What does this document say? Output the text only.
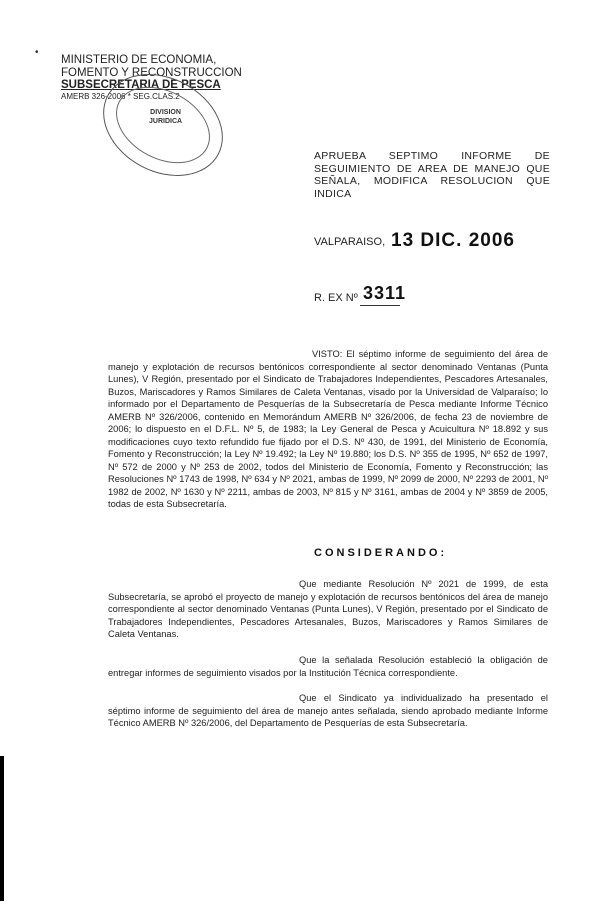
•
MINISTERIO DE ECONOMIA,
FOMENTO Y RECONSTRUCCION
SUBSECRETARIA DE PESCA
AMERB 326-2006 * SEG.CLAS.2
DIVISION
JURIDICA
APRUEBA SEPTIMO INFORME DE SEGUIMIENTO DE AREA DE MANEJO QUE SEÑALA, MODIFICA RESOLUCION QUE INDICA
VALPARAISO, 13 DIC. 2006
R. EX Nº 3311
VISTO: El séptimo informe de seguimiento del área de manejo y explotación de recursos bentónicos correspondiente al sector denominado Ventanas (Punta Lunes), V Región, presentado por el Sindicato de Trabajadores Independientes, Pescadores Artesanales, Buzos, Mariscadores y Ramos Similares de Caleta Ventanas, visado por la Universidad de Valparaíso; lo informado por el Departamento de Pesquerías de la Subsecretaría de Pesca mediante Informe Técnico AMERB Nº 326/2006, contenido en Memorándum AMERB Nº 326/2006, de fecha 23 de noviembre de 2006; lo dispuesto en el D.F.L. Nº 5, de 1983; la Ley General de Pesca y Acuicultura Nº 18.892 y sus modificaciones cuyo texto refundido fue fijado por el D.S. Nº 430, de 1991, del Ministerio de Economía, Fomento y Reconstrucción; la Ley Nº 19.492; la Ley Nº 19.880; los D.S. Nº 355 de 1995, Nº 652 de 1997, Nº 572 de 2000 y Nº 253 de 2002, todos del Ministerio de Economía, Fomento y Reconstrucción; las Resoluciones Nº 1743 de 1998, Nº 634 y Nº 2021, ambas de 1999, Nº 2099 de 2000, Nº 2293 de 2001, Nº 1982 de 2002, Nº 1630 y Nº 2211, ambas de 2003, Nº 815 y Nº 3161, ambas de 2004 y Nº 3859 de 2005, todas de esta Subsecretaría.
CONSIDERANDO:
Que mediante Resolución Nº 2021 de 1999, de esta Subsecretaría, se aprobó el proyecto de manejo y explotación de recursos bentónicos del área de manejo correspondiente al sector denominado Ventanas (Punta Lunes), V Región, presentado por el Sindicato de Trabajadores Independientes, Pescadores Artesanales, Buzos, Mariscadores y Ramos Similares de Caleta Ventanas.
Que la señalada Resolución estableció la obligación de entregar informes de seguimiento visados por la Institución Técnica correspondiente.
Que el Sindicato ya individualizado ha presentado el séptimo informe de seguimiento del área de manejo antes señalada, siendo aprobado mediante Informe Técnico AMERB Nº 326/2006, del Departamento de Pesquerías de esta Subsecretaría.
